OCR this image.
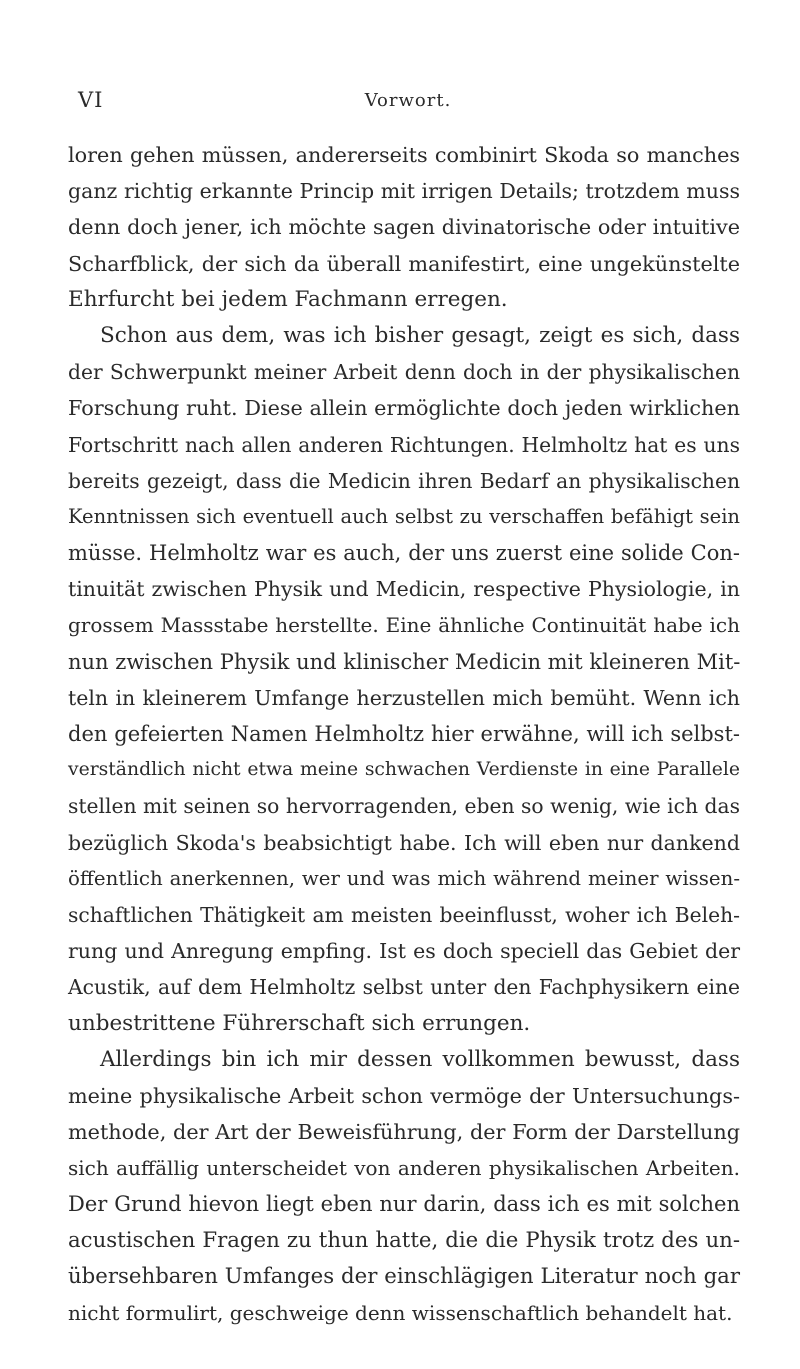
VI	Vorwort.
loren gehen müssen, andererseits combinirt Skoda so manches
ganz richtig erkannte Princip mit irrigen Details; trotzdem muss
denn doch jener, ich möchte sagen divinatorische oder intuitive
Scharfblick, der sich da überall manifestirt, eine ungekünstelte
Ehrfurcht bei jedem Fachmann erregen.
Schon aus dem, was ich bisher gesagt, zeigt es sich, dass
der Schwerpunkt meiner Arbeit denn doch in der physikalischen
Forschung ruht. Diese allein ermöglichte doch jeden wirklichen
Fortschritt nach allen anderen Richtungen. Helmholtz hat es uns
bereits gezeigt, dass die Medicin ihren Bedarf an physikalischen
Kenntnissen sich eventuell auch selbst zu verschaffen befähigt sein
müsse. Helmholtz war es auch, der uns zuerst eine solide Con-
tinuität zwischen Physik und Medicin, respective Physiologie, in
grossem Massstabe herstellte. Eine ähnliche Continuität habe ich
nun zwischen Physik und klinischer Medicin mit kleineren Mit-
teln in kleinerem Umfange herzustellen mich bemüht. Wenn ich
den gefeierten Namen Helmholtz hier erwähne, will ich selbst-
verständlich nicht etwa meine schwachen Verdienste in eine Parallele
stellen mit seinen so hervorragenden, eben so wenig, wie ich das
bezüglich Skoda's beabsichtigt habe. Ich will eben nur dankend
öffentlich anerkennen, wer und was mich während meiner wissen-
schaftlichen Thätigkeit am meisten beeinflusst, woher ich Beleh-
rung und Anregung empfing. Ist es doch speciell das Gebiet der
Acustik, auf dem Helmholtz selbst unter den Fachphysikern eine
unbestrittene Führerschaft sich errungen.
Allerdings bin ich mir dessen vollkommen bewusst, dass
meine physikalische Arbeit schon vermöge der Untersuchungs-
methode, der Art der Beweisführung, der Form der Darstellung
sich auffällig unterscheidet von anderen physikalischen Arbeiten.
Der Grund hievon liegt eben nur darin, dass ich es mit solchen
acustischen Fragen zu thun hatte, die die Physik trotz des un-
übersehbaren Umfanges der einschlägigen Literatur noch gar
nicht formulirt, geschweige denn wissenschaftlich behandelt hat.
